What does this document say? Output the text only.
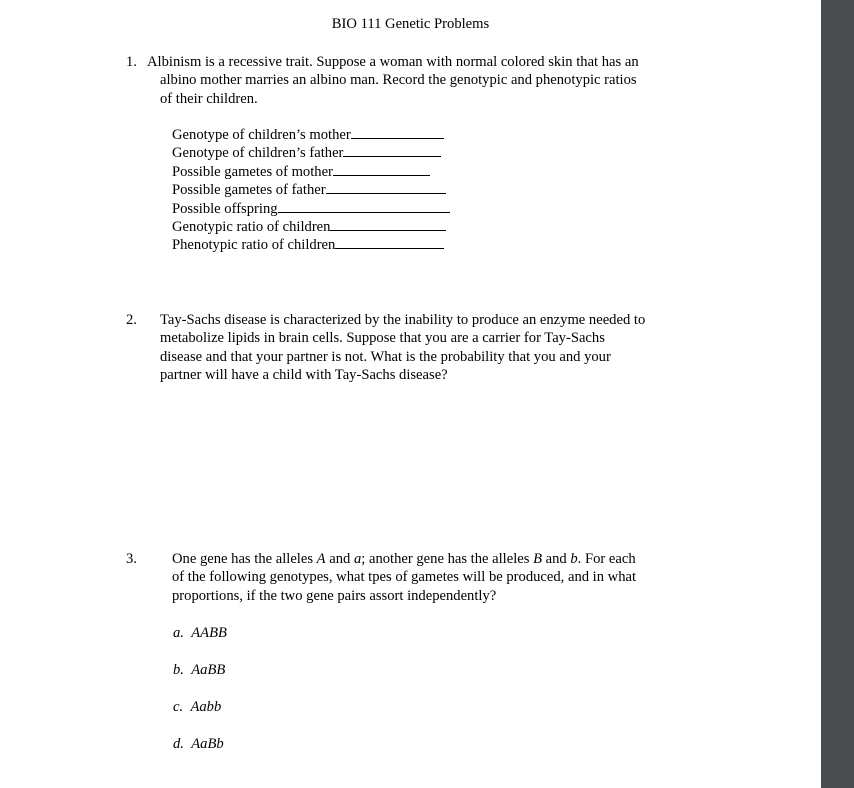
BIO 111 Genetic Problems
1. Albinism is a recessive trait. Suppose a woman with normal colored skin that has an
albino mother marries an albino man. Record the genotypic and phenotypic ratios
of their children.
Genotype of children’s mother
Genotype of children’s father
Possible gametes of mother
Possible gametes of father
Possible offspring
Genotypic ratio of children
Phenotypic ratio of children
2. Tay-Sachs disease is characterized by the inability to produce an enzyme needed to
metabolize lipids in brain cells. Suppose that you are a carrier for Tay-Sachs
disease and that your partner is not. What is the probability that you and your
partner will have a child with Tay-Sachs disease?
3. One gene has the alleles A and a; another gene has the alleles B and b. For each
of the following genotypes, what tpes of gametes will be produced, and in what
proportions, if the two gene pairs assort independently?
a. AABB
b. AaBB
c. Aabb
d. AaBb
